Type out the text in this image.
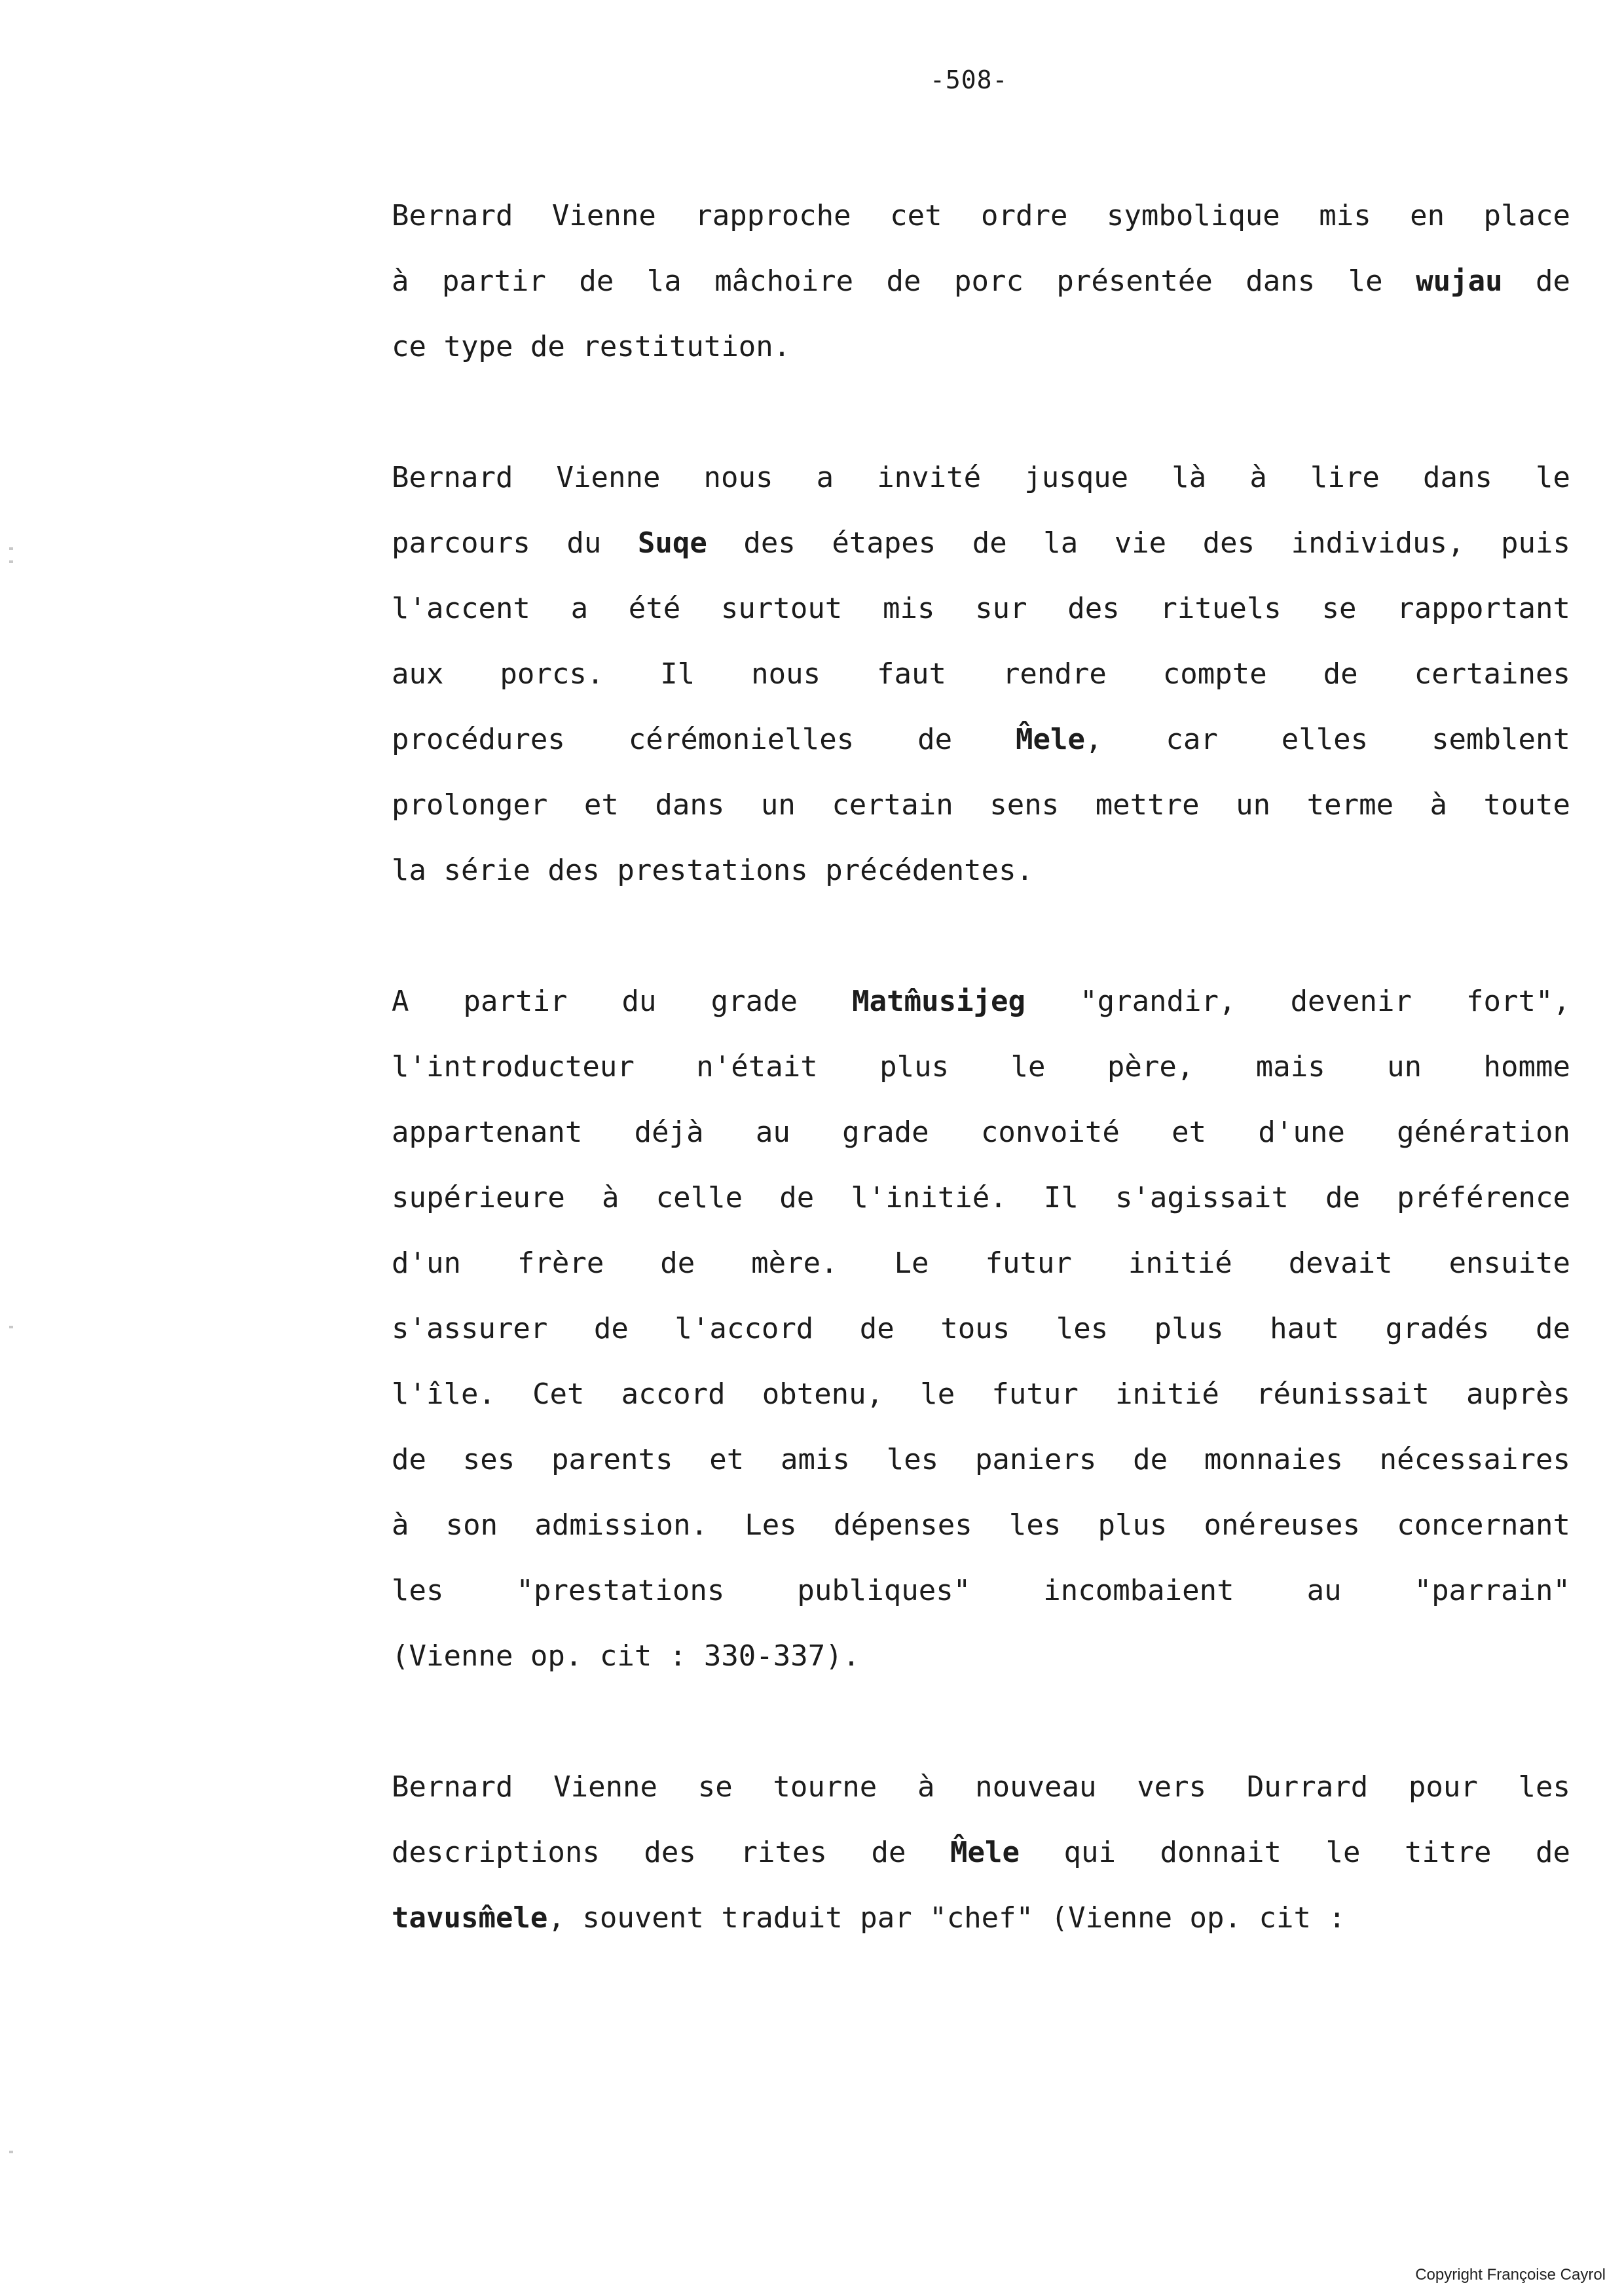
-508-
Bernard Vienne rapproche cet ordre symbolique mis en place
à partir de la mâchoire de porc présentée dans le wujau de
ce type de restitution.
Bernard Vienne nous a invité jusque là à lire dans le
parcours du Suqe des étapes de la vie des individus, puis
l'accent a été surtout mis sur des rituels se rapportant
aux porcs. Il nous faut rendre compte de certaines
procédures cérémonielles de M̂ele, car elles semblent
prolonger et dans un certain sens mettre un terme à toute
la série des prestations précédentes.
A partir du grade Matm̂usijeg "grandir, devenir fort",
l'introducteur n'était plus le père, mais un homme
appartenant déjà au grade convoité et d'une génération
supérieure à celle de l'initié. Il s'agissait de préférence
d'un frère de mère. Le futur initié devait ensuite
s'assurer de l'accord de tous les plus haut gradés de
l'île. Cet accord obtenu, le futur initié réunissait auprès
de ses parents et amis les paniers de monnaies nécessaires
à son admission. Les dépenses les plus onéreuses concernant
les "prestations publiques" incombaient au "parrain"
(Vienne op. cit : 330-337).
Bernard Vienne se tourne à nouveau vers Durrard pour les
descriptions des rites de M̂ele qui donnait le titre de
tavusm̂ele, souvent traduit par "chef" (Vienne op. cit :
Copyright Françoise Cayrol
